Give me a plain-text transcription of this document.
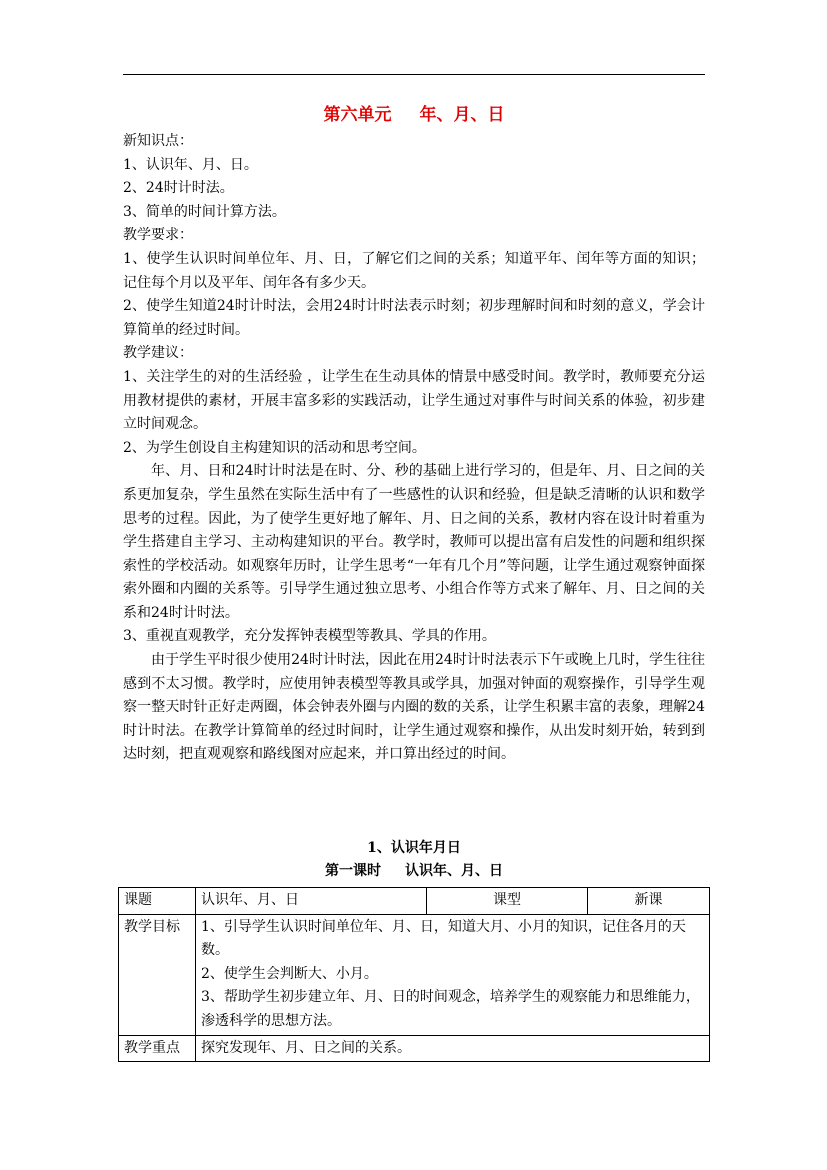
第六单元 年、月、日
新知识点：
1、认识年、月、日。
2、24时计时法。
3、简单的时间计算方法。
教学要求：
1、使学生认识时间单位年、月、日，了解它们之间的关系；知道平年、闰年等方面的知识；记住每个月以及平年、闰年各有多少天。
2、使学生知道24时计时法，会用24时计时法表示时刻；初步理解时间和时刻的意义，学会计算简单的经过时间。
教学建议：
1、关注学生的对的生活经验 ，让学生在生动具体的情景中感受时间。教学时，教师要充分运用教材提供的素材，开展丰富多彩的实践活动，让学生通过对事件与时间关系的体验，初步建立时间观念。
2、为学生创设自主构建知识的活动和思考空间。
年、月、日和24时计时法是在时、分、秒的基础上进行学习的，但是年、月、日之间的关系更加复杂，学生虽然在实际生活中有了一些感性的认识和经验，但是缺乏清晰的认识和数学思考的过程。因此，为了使学生更好地了解年、月、日之间的关系，教材内容在设计时着重为学生搭建自主学习、主动构建知识的平台。教学时，教师可以提出富有启发性的问题和组织探索性的学校活动。如观察年历时，让学生思考“一年有几个月”等问题，让学生通过观察钟面探索外圈和内圈的关系等。引导学生通过独立思考、小组合作等方式来了解年、月、日之间的关系和24时计时法。
3、重视直观教学，充分发挥钟表模型等教具、学具的作用。
由于学生平时很少使用24时计时法，因此在用24时计时法表示下午或晚上几时，学生往往感到不太习惯。教学时，应使用钟表模型等教具或学具，加强对钟面的观察操作，引导学生观察一整天时针正好走两圈，体会钟表外圈与内圈的数的关系，让学生积累丰富的表象，理解24时计时法。在教学计算简单的经过时间时，让学生通过观察和操作，从出发时刻开始，转到到达时刻，把直观观察和路线图对应起来，并口算出经过的时间。
1、认识年月日
第一课时 认识年、月、日
课题	认识年、月、日	课型	新课
教学目标	1、引导学生认识时间单位年、月、日，知道大月、小月的知识，记住各月的天数。
2、使学生会判断大、小月。
3、帮助学生初步建立年、月、日的时间观念，培养学生的观察能力和思维能力，渗透科学的思想方法。		

教学重点	探究发现年、月、日之间的关系。		
